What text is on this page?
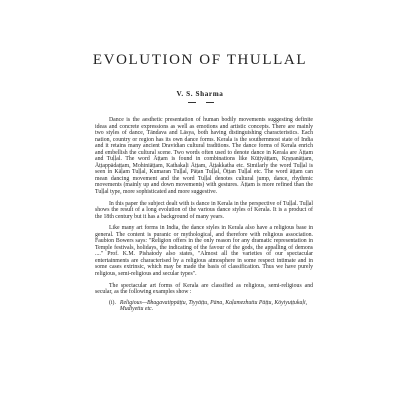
EVOLUTION OF THULLAL
V. S. Sharma

Dance is the aesthetic presentation of human bodily movements suggesting definite ideas and concrete expressions as well as emotions and artistic concepts. There are mainly two styles of dance, Tāndava and Lāsya, both having distinguishing characteristics. Each nation, country or region has its own dance forms. Kerala is the southernmost state of India and it retains many ancient Dravidian cultural traditions. The dance forms of Kerala enrich and embellish the cultural scene. Two words often used to denote dance in Kerala are Āṭṭam and Tuḷḷal. The word Āṭṭam is found in combinations like Kūṭiyāṭṭam, Kṛṣṇanāṭṭam, Āṭṭappādaṭṭam, Mohiniāṭṭam, Kathakaḷi Āṭṭam, Āṭṭakkatha etc. Similarly the word Tuḷḷal is seen in Kāḷam Tuḷḷal, Kumaran Tuḷḷal, Pāṭan Tuḷḷal, Ōṭṭan Tuḷḷal etc. The word āṭṭam can mean dancing movement and the word Tuḷḷal denotes cultural jump, dance, rhythmic movements (mainly up and down movements) with gestures. Āṭṭam is more refined than the Tuḷḷal type, more sophisticated and more suggestive.

In this paper the subject dealt with is dance in Kerala in the perspective of Tuḷḷal. Tuḷḷal shows the result of a long evolution of the various dance styles of Kerala. It is a product of the 18th century but it has a background of many years.

Like many art forms in India, the dance styles in Kerala also have a religious base in general. The content is puranic or mythological, and therefore with religious association. Faubion Bowers says: "Religion offers in the only reason for any dramatic representation in Temple festivals, holidays, the indicating of the favour of the gods, the appalling of demons ...." Prof. K.M. Pishatody also states, "Almost all the varieties of our spectacular entertainments are characterised by a religious atmosphere in some respect intimate and in some cases extrinsic, which may be made the basis of classification. Thus we have purely religious, semi-religious and secular types".

The spectacular art forms of Kerala are classified as religious, semi-religious and secular, as the following examples show :

(i). Religious—Bhagavatippāṭṭu, Tiyyāṭṭu, Pāna, Kaḷamezhuttu Pāṭṭu, Kōyiyuṭṭukaḷi, Mudiyettu etc.
